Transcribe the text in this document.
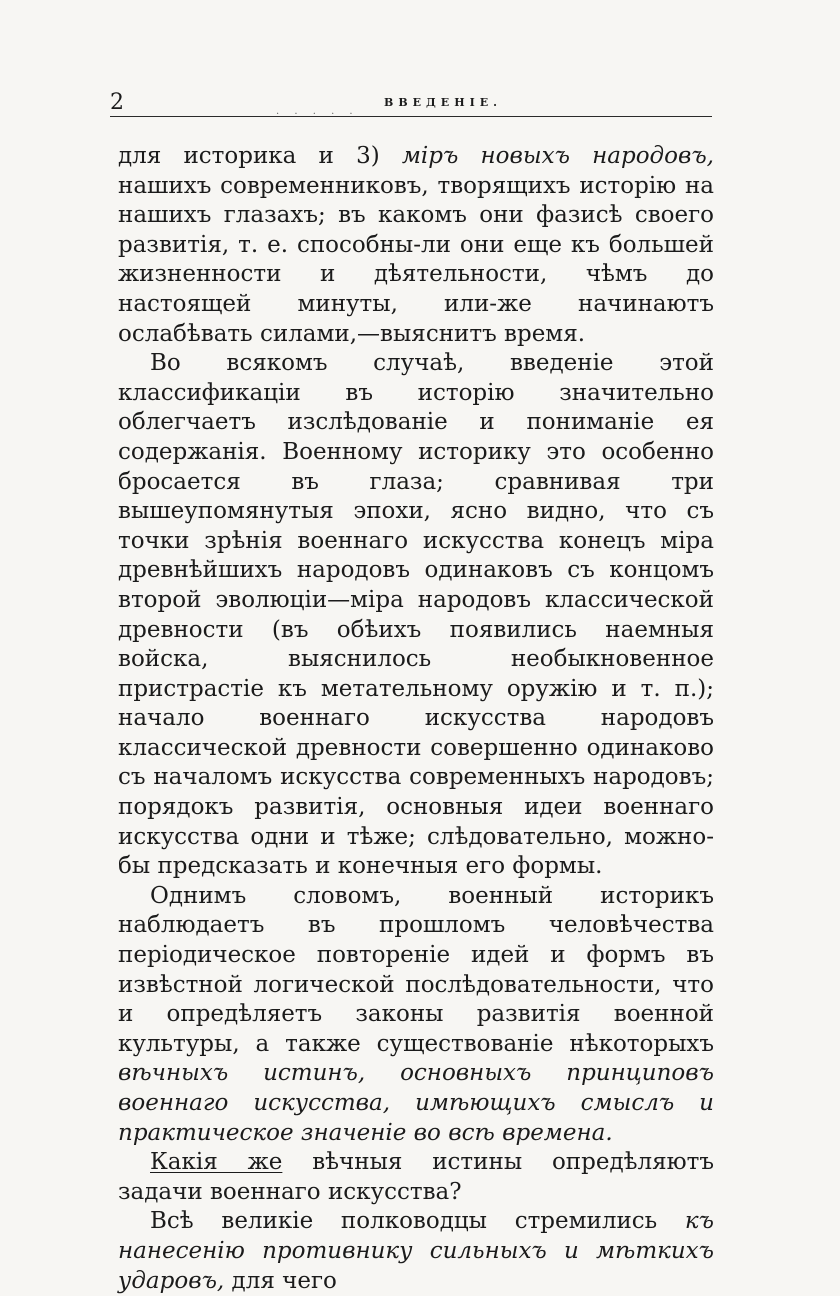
2	. . . . .
ВВЕДЕНІЕ.

для историка и 3) міръ новыхъ народовъ, нашихъ современниковъ, творящихъ исторію на нашихъ глазахъ; въ какомъ они фазисѣ своего развитія, т. е. способны-ли они еще къ большей жизненности и дѣятельности, чѣмъ до настоящей минуты, или-же начинаютъ ослабѣвать силами,—выяснитъ время.

Во всякомъ случаѣ, введеніе этой классификаціи въ исторію значительно облегчаетъ изслѣдованіе и пониманіе ея содержанія. Военному историку это особенно бросается въ глаза; сравнивая три вышеупомянутыя эпохи, ясно видно, что съ точки зрѣнія военнаго искусства конецъ міра древнѣйшихъ народовъ одинаковъ съ концомъ второй эволюціи—міра народовъ классической древности (въ обѣихъ появились наемныя войска, выяснилось необыкновенное пристрастіе къ метательному оружію и т. п.); начало военнаго искусства народовъ классической древности совершенно одинаково съ началомъ искусства современныхъ народовъ; порядокъ развитія, основныя идеи военнаго искусства одни и тѣже; слѣдовательно, можно-бы предсказать и конечныя его формы.

Однимъ словомъ, военный историкъ наблюдаетъ въ прошломъ человѣчества періодическое повтореніе идей и формъ въ извѣстной логической послѣдовательности, что и опредѣляетъ законы развитія военной культуры, а также существованіе нѣкоторыхъ вѣчныхъ истинъ, основныхъ принциповъ военнаго искусства, имѣющихъ смыслъ и практическое значеніе во всѣ времена.

Какія же вѣчныя истины опредѣляютъ задачи военнаго искусства?

Всѣ великіе полководцы стремились къ нанесенію противнику сильныхъ и мѣткихъ ударовъ, для чего
